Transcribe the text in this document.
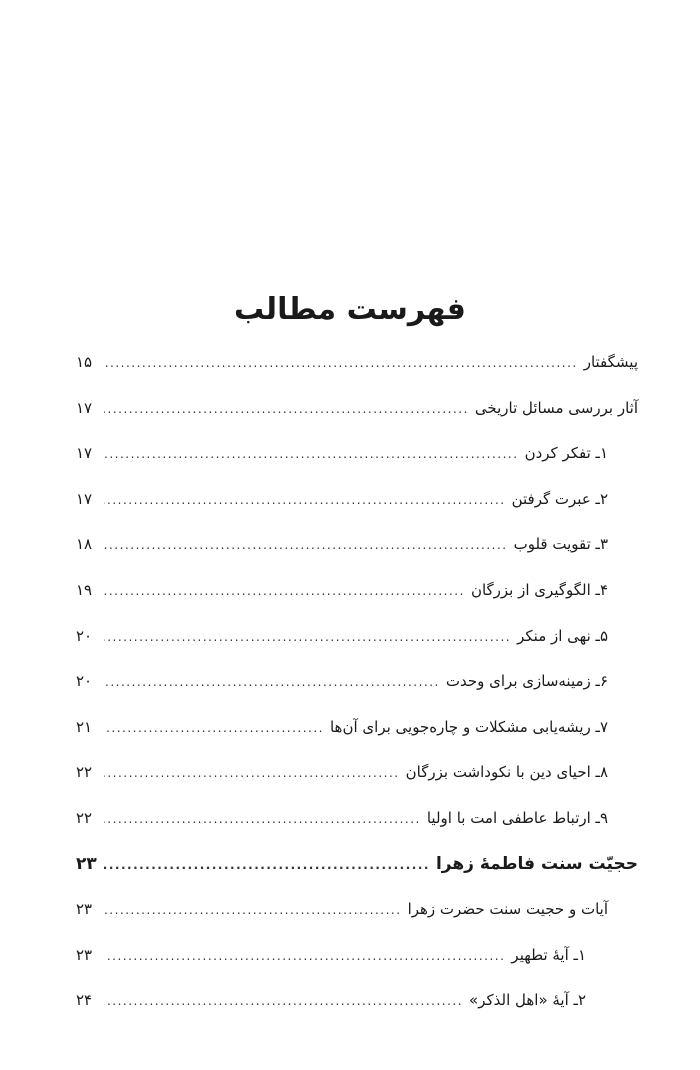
فهرست مطالب
پیشگفتار
.....
۱۵
آثار بررسی مسائل تاریخی
.....
۱۷
۱ـ تفکر کردن
.....
۱۷
۲ـ عبرت گرفتن
.....
۱۷
۳ـ تقویت قلوب
.....
۱۸
۴ـ الگوگیری از بزرگان
.....
۱۹
۵ـ نهی از منکر
.....
۲۰
۶ـ زمینه‌سازی برای وحدت
.....
۲۰
۷ـ ریشه‌یابی مشکلات و چاره‌جویی برای آن‌ها
.....
۲۱
۸ـ احیای دین با نکوداشت بزرگان
.....
۲۲
۹ـ ارتباط عاطفی امت با اولیا
.....
۲۲
حجیّت سنت فاطمهٔ زهرا
.....
۲۳
آیات و حجیت سنت حضرت زهرا
.....
۲۳
۱ـ آیهٔ تطهیر
.....
۲۳
۲ـ آیهٔ «اهل الذکر»
.....
۲۴
